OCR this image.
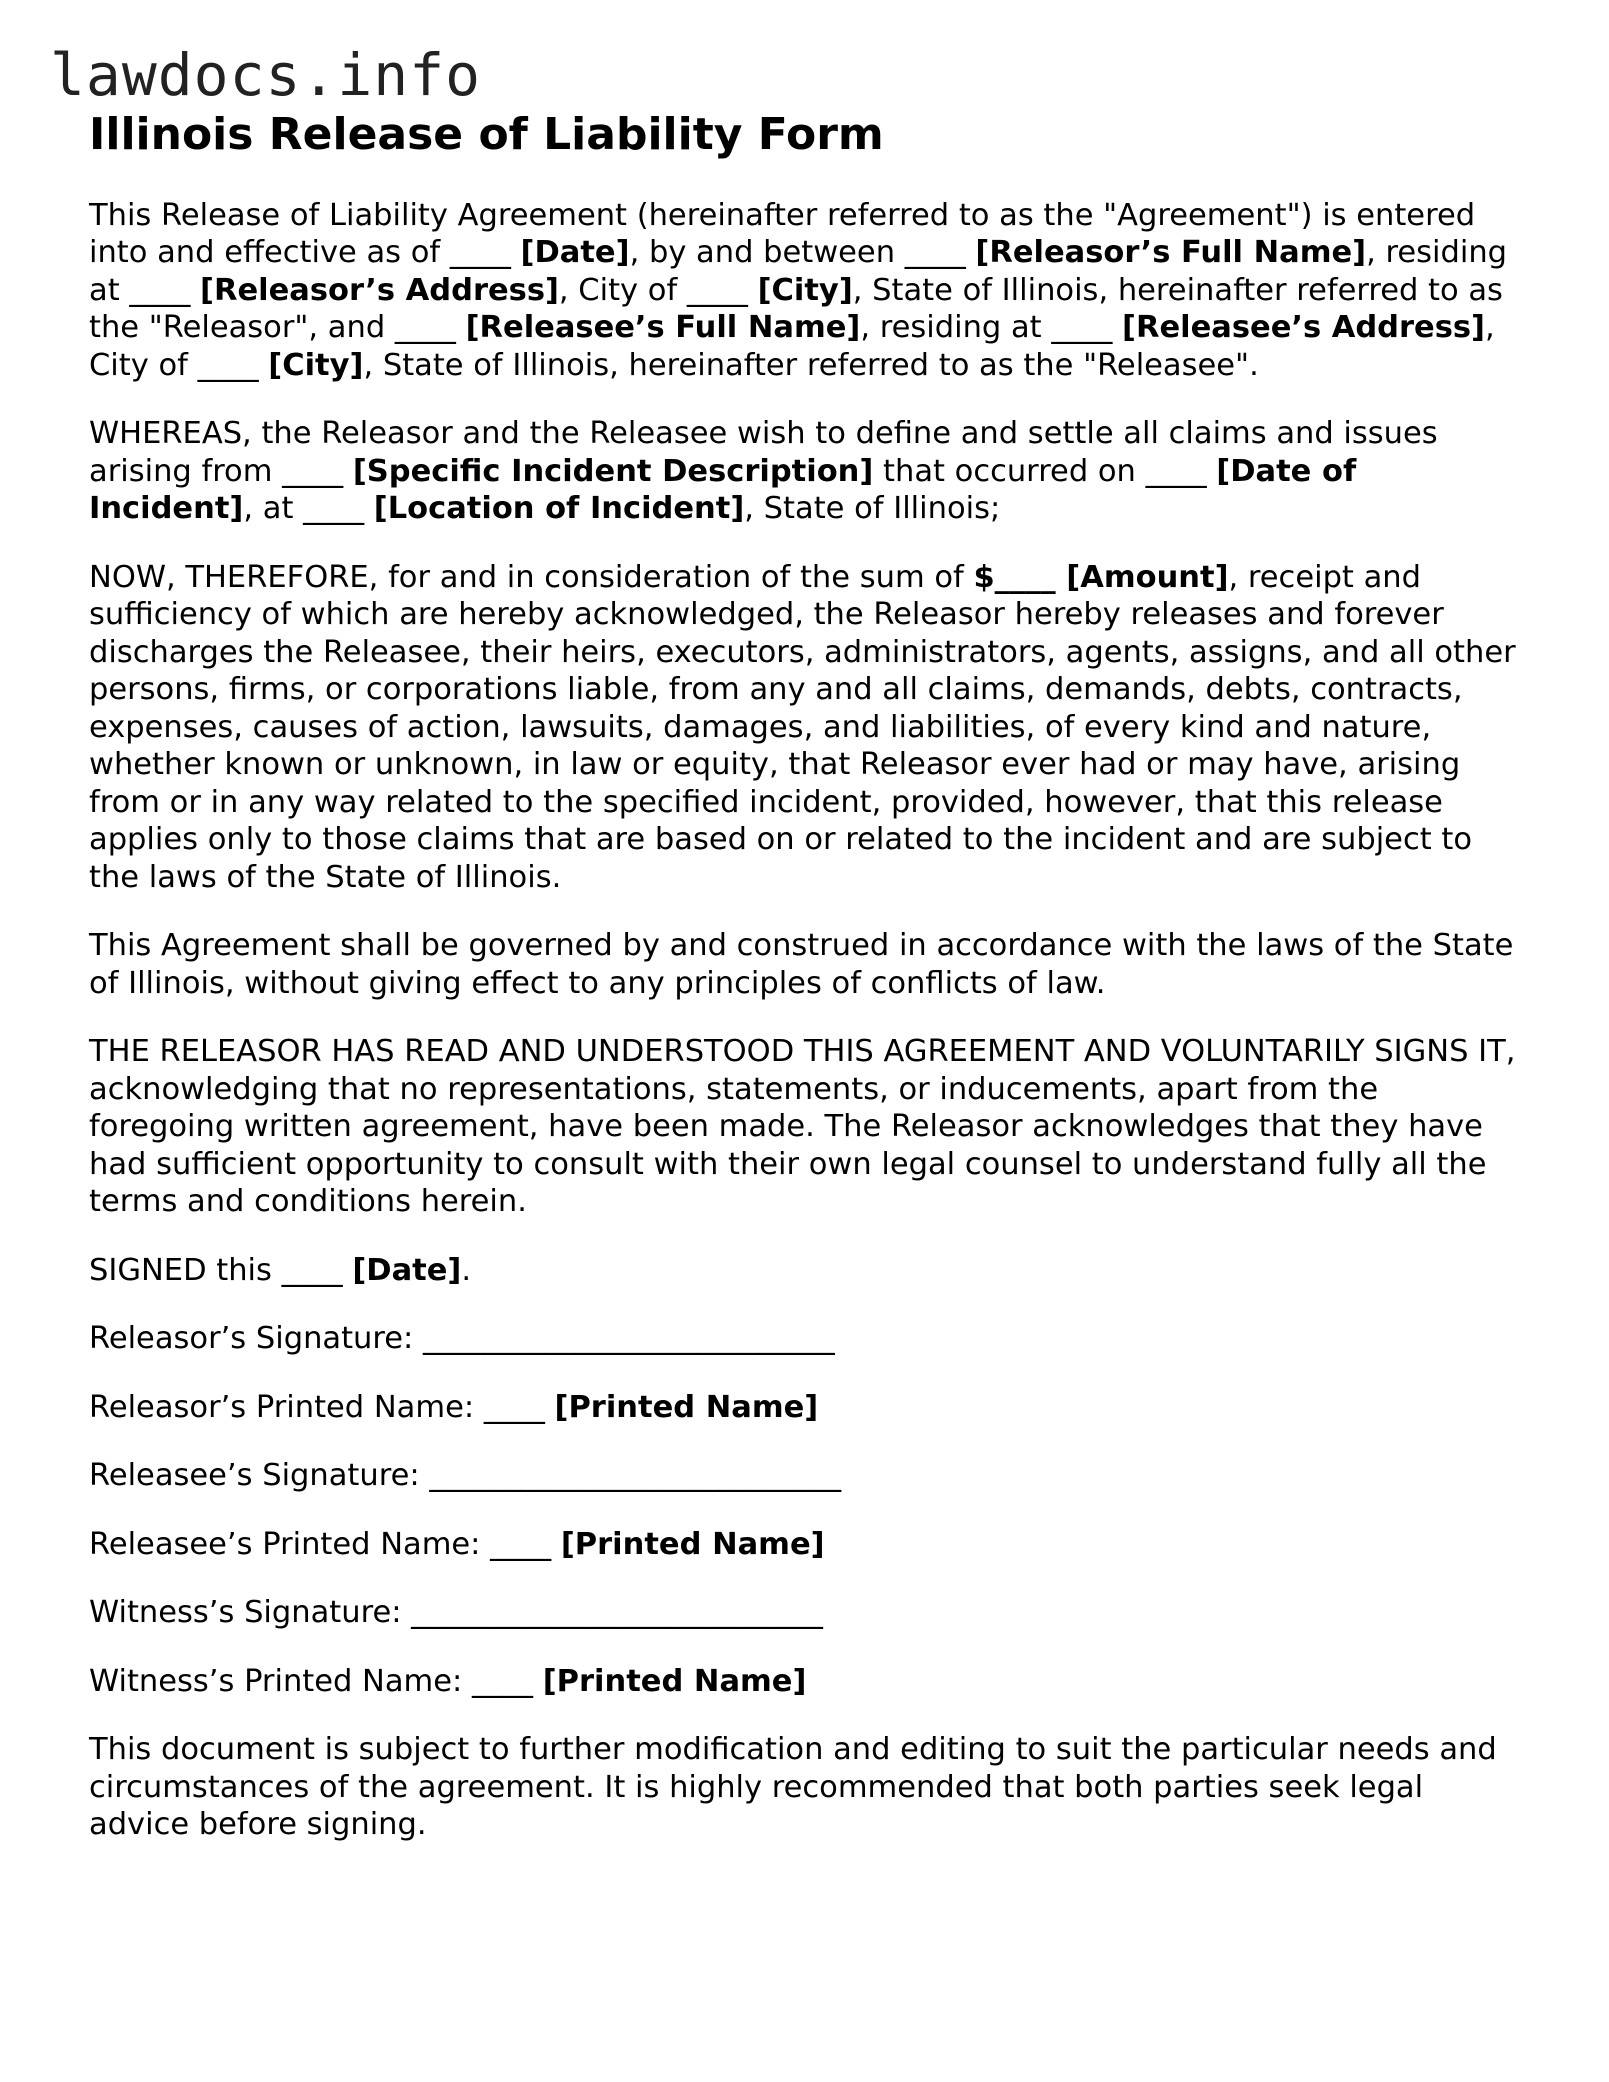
lawdocs.info
Illinois Release of Liability Form

This Release of Liability Agreement (hereinafter referred to as the "Agreement") is entered into and effective as of ____ [Date], by and between ____ [Releasor’s Full Name], residing at ____ [Releasor’s Address], City of ____ [City], State of Illinois, hereinafter referred to as the "Releasor", and ____ [Releasee’s Full Name], residing at ____ [Releasee’s Address], City of ____ [City], State of Illinois, hereinafter referred to as the "Releasee".

WHEREAS, the Releasor and the Releasee wish to define and settle all claims and issues arising from ____ [Specific Incident Description] that occurred on ____ [Date of Incident], at ____ [Location of Incident], State of Illinois;

NOW, THEREFORE, for and in consideration of the sum of $____ [Amount], receipt and sufficiency of which are hereby acknowledged, the Releasor hereby releases and forever discharges the Releasee, their heirs, executors, administrators, agents, assigns, and all other persons, firms, or corporations liable, from any and all claims, demands, debts, contracts, expenses, causes of action, lawsuits, damages, and liabilities, of every kind and nature, whether known or unknown, in law or equity, that Releasor ever had or may have, arising from or in any way related to the specified incident, provided, however, that this release applies only to those claims that are based on or related to the incident and are subject to the laws of the State of Illinois.

This Agreement shall be governed by and construed in accordance with the laws of the State of Illinois, without giving effect to any principles of conflicts of law.

THE RELEASOR HAS READ AND UNDERSTOOD THIS AGREEMENT AND VOLUNTARILY SIGNS IT, acknowledging that no representations, statements, or inducements, apart from the foregoing written agreement, have been made. The Releasor acknowledges that they have had sufficient opportunity to consult with their own legal counsel to understand fully all the terms and conditions herein.

SIGNED this ____ [Date].

Releasor’s Signature: ___________________________

Releasor’s Printed Name: ____ [Printed Name]

Releasee’s Signature: ___________________________

Releasee’s Printed Name: ____ [Printed Name]

Witness’s Signature: ___________________________

Witness’s Printed Name: ____ [Printed Name]

This document is subject to further modification and editing to suit the particular needs and circumstances of the agreement. It is highly recommended that both parties seek legal advice before signing.
